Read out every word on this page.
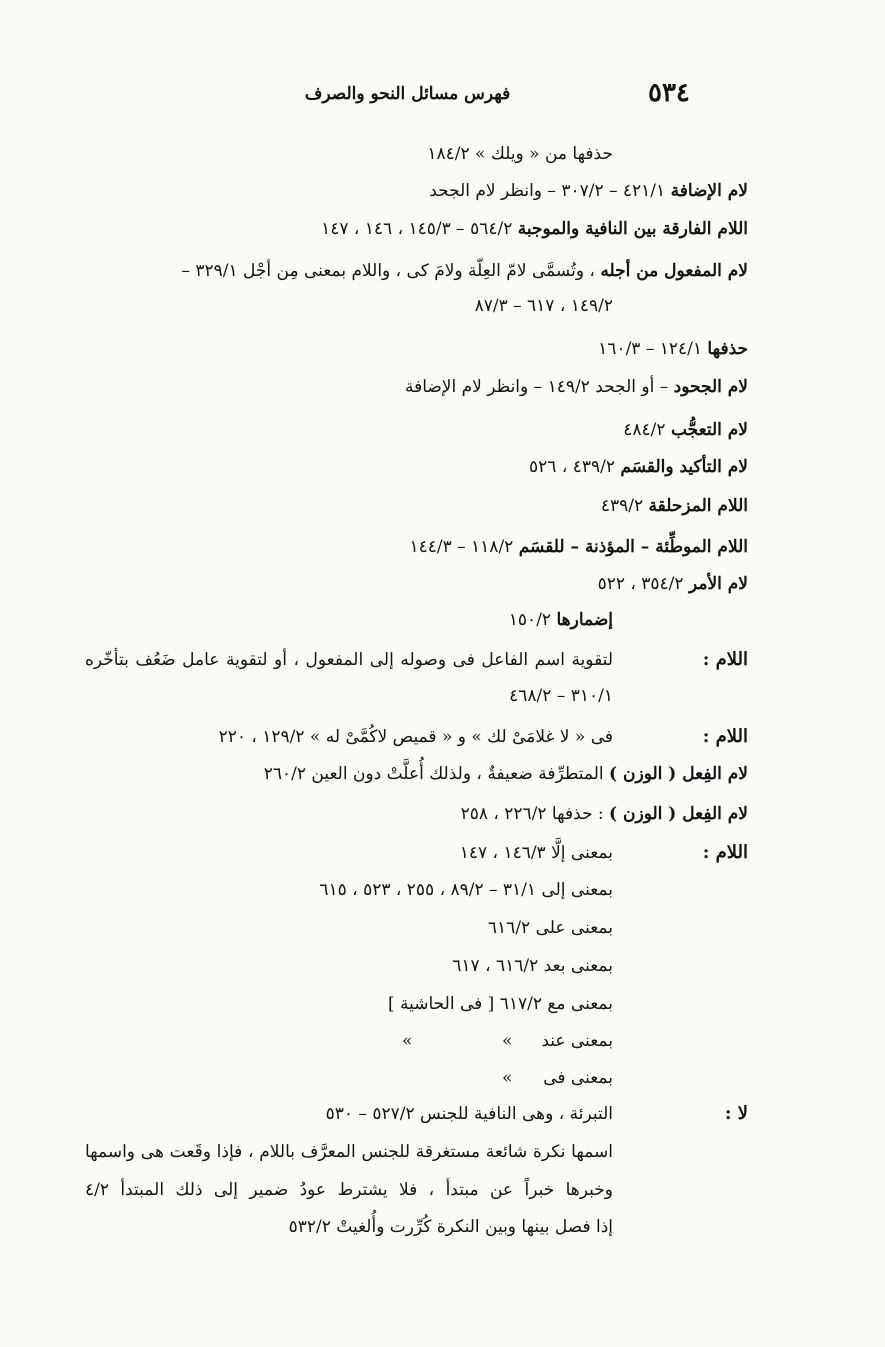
٥٣٤
فهرس مسائل النحو والصرف
حذفها من « ويلك » ١٨٤/٢
لام الإضافة ٤٢١/١ – ٣٠٧/٢ – وانظر لام الجحد
اللام الفارقة بين النافية والموجبة ٥٦٤/٢ – ١٤٥/٣ ، ١٤٦ ، ١٤٧
لام المفعول من أجله ، وتُسمَّى لامّ العِلّة ولامَ كى ، واللام بمعنى مِن أجْل ٣٢٩/١ –
١٤٩/٢ ، ٦١٧ – ٨٧/٣
حذفها ١٢٤/١ – ١٦٠/٣
لام الجحود – أو الجحد ١٤٩/٢ – وانظر لام الإضافة
لام التعجُّب ٤٨٤/٢
لام التأكيد والقسَم ٤٣٩/٢ ، ٥٢٦
اللام المزحلقة ٤٣٩/٢
اللام الموطِّئة – المؤذنة – للقسَم ١١٨/٢ – ١٤٤/٣
لام الأمر ٣٥٤/٢ ، ٥٢٢
إضمارها ١٥٠/٢
اللام :
لتقوية اسم الفاعل فى وصوله إلى المفعول ، أو لتقوية عامل ضَعُف بتأخّره
٣١٠/١ – ٤٦٨/٢
اللام :
فى « لا غلامَىْ لك » و « قميص لاكُمَّىْ له » ١٢٩/٢ ، ٢٢٠
لام الفِعل ( الوزن ) المتطرِّفة ضعيفةٌ ، ولذلك أُعلَّتْ دون العين ٢٦٠/٢
لام الفِعل ( الوزن ) : حذفها ٢٢٦/٢ ، ٢٥٨
اللام :
بمعنى إلَّا ١٤٦/٣ ، ١٤٧
بمعنى إلى ٣١/١ – ٨٩/٢ ، ٢٥٥ ، ٥٢٣ ، ٦١٥
بمعنى على ٦١٦/٢
بمعنى بعد ٦١٦/٢ ، ٦١٧
بمعنى مع ٦١٧/٢ [ فى الحاشية ]
بمعنى عند
»
»
بمعنى فى
»
لا :
التبرئة ، وهى النافية للجنس ٥٢٧/٢ – ٥٣٠
اسمها نكرة شائعة مستغرقة للجنس المعرَّف باللام ، فإذا وقَعت هى واسمها
وخبرها خبراً عن مبتدأ ، فلا يشترط عودُ ضمير إلى ذلك المبتدأ ٤/٢
إذا فصل بينها وبين النكرة كُرِّرت وأُلغيتْ ٥٣٢/٢
